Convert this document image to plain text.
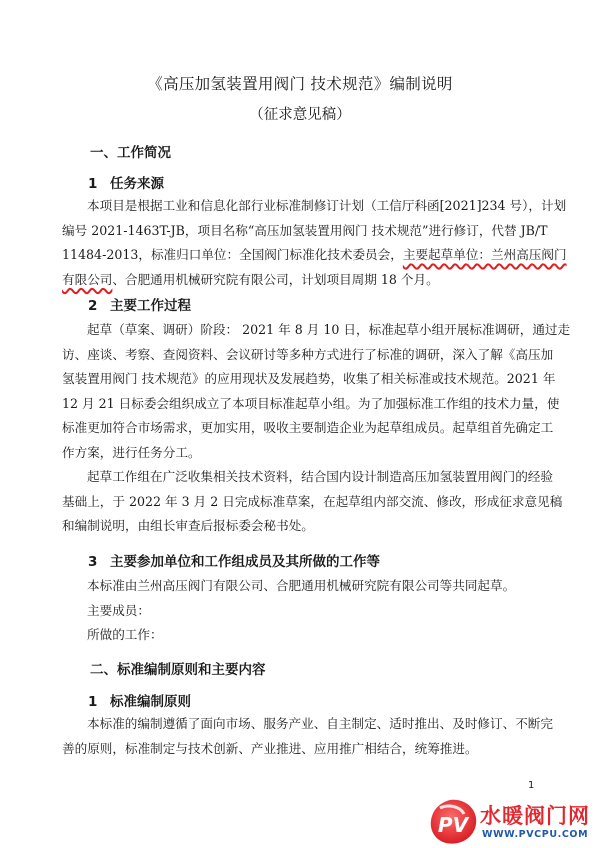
《高压加氢装置用阀门 技术规范》编制说明
（征求意见稿）
一、工作简况
1 任务来源
本项目是根据工业和信息化部行业标准制修订计划（工信厅科函[2021]234 号），计划
编号 2021-1463T-JB，项目名称“高压加氢装置用阀门 技术规范”进行修订，代替 JB/T
11484-2013，标准归口单位：全国阀门标准化技术委员会，主要起草单位：兰州高压阀门
有限公司、合肥通用机械研究院有限公司，计划项目周期 18 个月。
2 主要工作过程
起草（草案、调研）阶段： 2021 年 8 月 10 日，标准起草小组开展标准调研，通过走
访、座谈、考察、查阅资料、会议研讨等多种方式进行了标准的调研，深入了解《高压加
氢装置用阀门 技术规范》的应用现状及发展趋势，收集了相关标准或技术规范。2021 年
12 月 21 日标委会组织成立了本项目标准起草小组。为了加强标准工作组的技术力量，使
标准更加符合市场需求，更加实用，吸收主要制造企业为起草组成员。起草组首先确定工
作方案，进行任务分工。
起草工作组在广泛收集相关技术资料，结合国内设计制造高压加氢装置用阀门的经验
基础上，于 2022 年 3 月 2 日完成标准草案，在起草组内部交流、修改，形成征求意见稿
和编制说明，由组长审查后报标委会秘书处。
3 主要参加单位和工作组成员及其所做的工作等
本标准由兰州高压阀门有限公司、合肥通用机械研究院有限公司等共同起草。
主要成员：
所做的工作：
二、标准编制原则和主要内容
1 标准编制原则
本标准的编制遵循了面向市场、服务产业、自主制定、适时推出、及时修订、不断完
善的原则，标准制定与技术创新、产业推进、应用推广相结合，统筹推进。
1
PV 水暖阀门网
WWW.PVCPU.COM
